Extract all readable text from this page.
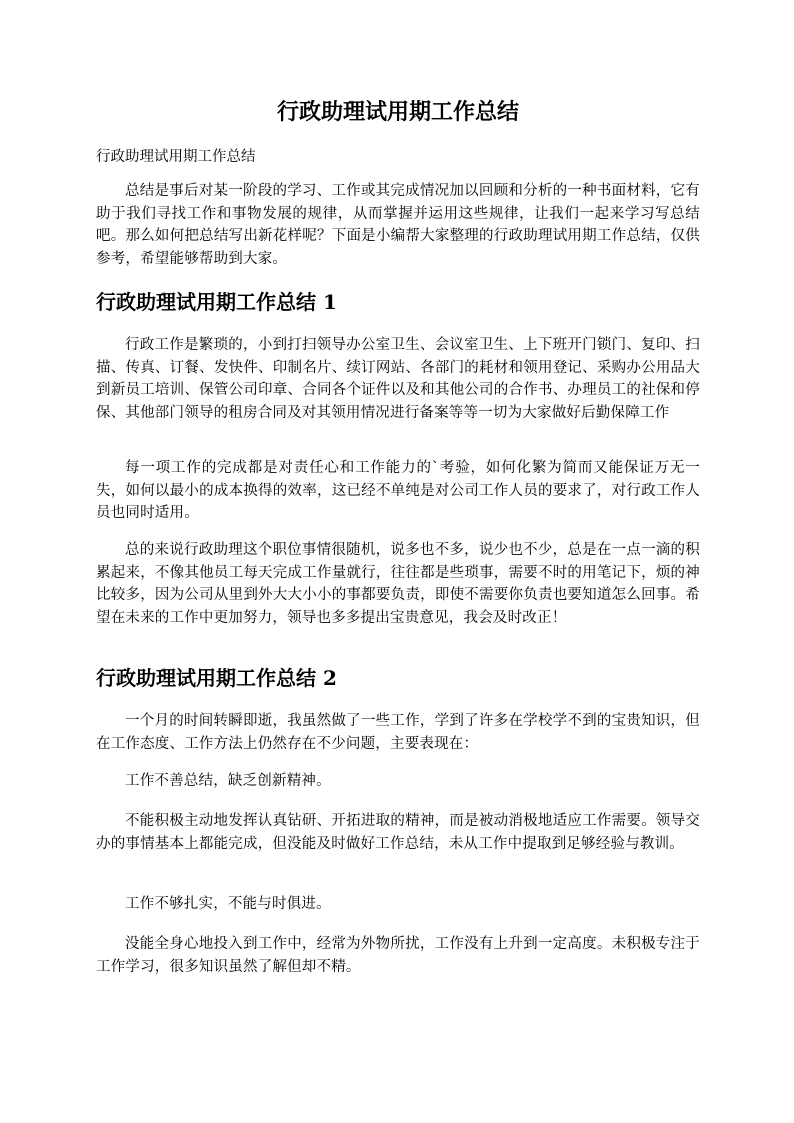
行政助理试用期工作总结

行政助理试用期工作总结

总结是事后对某一阶段的学习、工作或其完成情况加以回顾和分析的一种书面材料，它有助于我们寻找工作和事物发展的规律，从而掌握并运用这些规律，让我们一起来学习写总结吧。那么如何把总结写出新花样呢？下面是小编帮大家整理的行政助理试用期工作总结，仅供参考，希望能够帮助到大家。

行政助理试用期工作总结 1

行政工作是繁琐的，小到打扫领导办公室卫生、会议室卫生、上下班开门锁门、复印、扫描、传真、订餐、发快件、印制名片、续订网站、各部门的耗材和领用登记、采购办公用品大到新员工培训、保管公司印章、合同各个证件以及和其他公司的合作书、办理员工的社保和停保、其他部门领导的租房合同及对其领用情况进行备案等等一切为大家做好后勤保障工作

每一项工作的完成都是对责任心和工作能力的`考验，如何化繁为简而又能保证万无一失，如何以最小的成本换得的效率，这已经不单纯是对公司工作人员的要求了，对行政工作人员也同时适用。

总的来说行政助理这个职位事情很随机，说多也不多，说少也不少，总是在一点一滴的积累起来，不像其他员工每天完成工作量就行，往往都是些琐事，需要不时的用笔记下，烦的神比较多，因为公司从里到外大大小小的事都要负责，即使不需要你负责也要知道怎么回事。希望在未来的工作中更加努力，领导也多多提出宝贵意见，我会及时改正！

行政助理试用期工作总结 2

一个月的时间转瞬即逝，我虽然做了一些工作，学到了许多在学校学不到的宝贵知识，但在工作态度、工作方法上仍然存在不少问题，主要表现在：

工作不善总结，缺乏创新精神。

不能积极主动地发挥认真钻研、开拓进取的精神，而是被动消极地适应工作需要。领导交办的事情基本上都能完成，但没能及时做好工作总结，未从工作中提取到足够经验与教训。

工作不够扎实，不能与时俱进。

没能全身心地投入到工作中，经常为外物所扰，工作没有上升到一定高度。未积极专注于工作学习，很多知识虽然了解但却不精。
